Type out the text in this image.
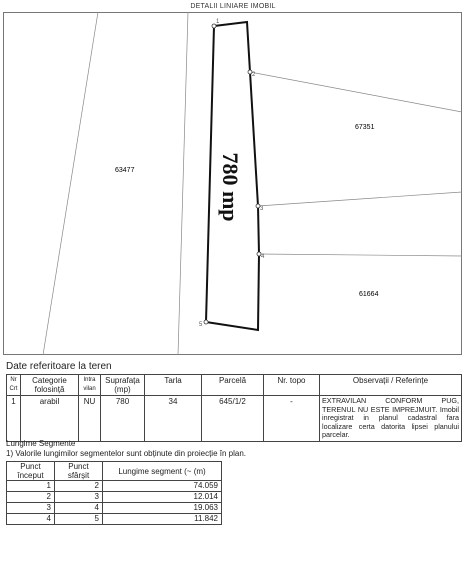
DETALII LINIARE IMOBIL
1
2
3
4
5
63477
67351
61664
780 mp
Date referitoare la teren
Nr Crt	Categorie folosință	Intra vilan	Suprafața (mp)	Tarla	Parcelă	Nr. topo	Observații / Referințe
1	arabil	NU	780	34	645/1/2	-	EXTRAVILAN CONFORM PUG, TERENUL NU ESTE IMPREJMUIT. Imobil inregistrat in planul cadastral fara localizare certa datorita lipsei planului parcelar.
Lungime Segmente
1) Valorile lungimilor segmentelor sunt obținute din proiecție în plan.
Punct început	Punct sfârșit	Lungime segment (~ (m)
1	2	74.059
2	3	12.014
3	4	19.063
4	5	11.842
